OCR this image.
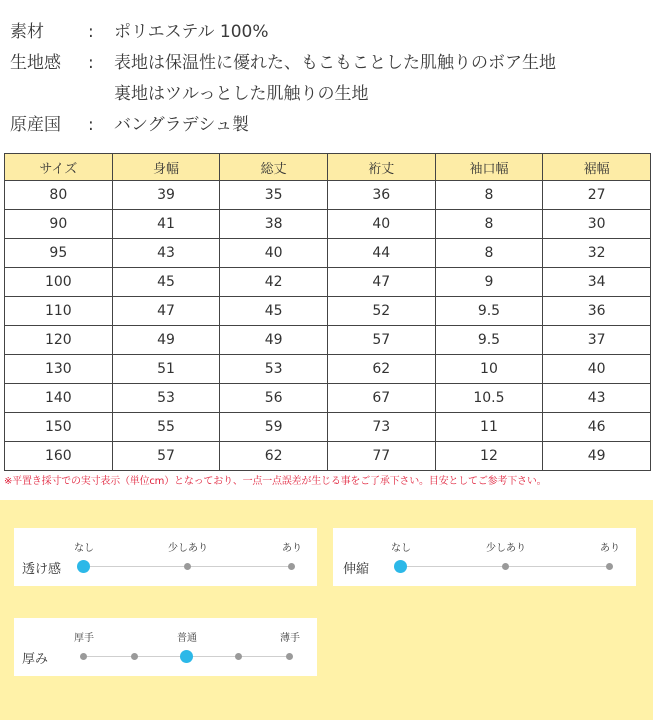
素材	: ポリエステル 100%
生地感 : 表地は保温性に優れた、もこもことした肌触りのボア生地
裏地はツルっとした肌触りの生地
原産国 : バングラデシュ製
サイズ	身幅	総丈	裄丈	袖口幅	裾幅
80	39	35	36	8	27
90	41	38	40	8	30
95	43	40	44	8	32
100	45	42	47	9	34
110	47	45	52	9.5	36
120	49	49	57	9.5	37
130	51	53	62	10	40
140	53	56	67	10.5	43
150	55	59	73	11	46
160	57	62	77	12	49
※平置き採寸での実寸表示（単位cm）となっており、一点一点誤差が生じる事をご了承下さい。目安としてご参考下さい。
なし	少しあり	あり
透け感
なし	少しあり	あり
伸縮
厚手	普通	薄手
厚み
